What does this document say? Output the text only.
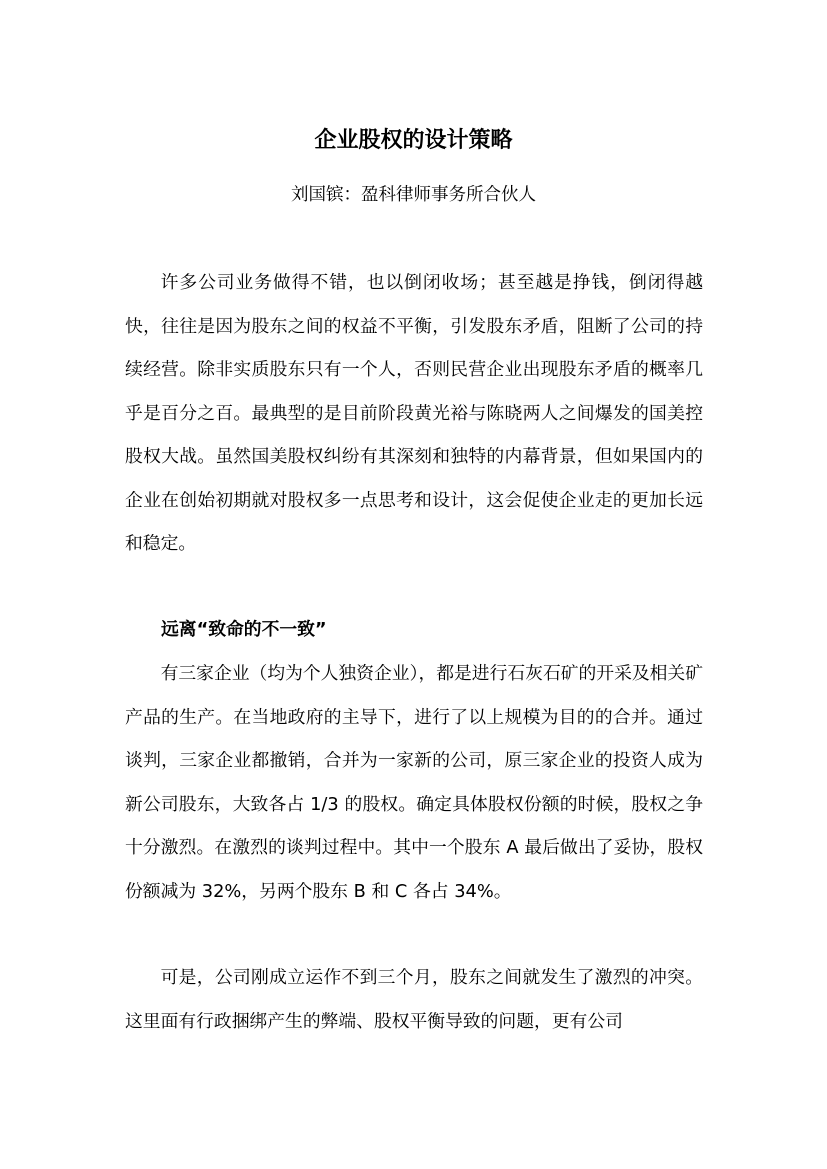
企业股权的设计策略
刘国镔：盈科律师事务所合伙人

许多公司业务做得不错，也以倒闭收场；甚至越是挣钱，倒闭得越快，往往是因为股东之间的权益不平衡，引发股东矛盾，阻断了公司的持续经营。除非实质股东只有一个人，否则民营企业出现股东矛盾的概率几乎是百分之百。最典型的是目前阶段黄光裕与陈晓两人之间爆发的国美控股权大战。虽然国美股权纠纷有其深刻和独特的内幕背景，但如果国内的企业在创始初期就对股权多一点思考和设计，这会促使企业走的更加长远和稳定。

远离“致命的不一致”

有三家企业（均为个人独资企业），都是进行石灰石矿的开采及相关矿产品的生产。在当地政府的主导下，进行了以上规模为目的的合并。通过谈判，三家企业都撤销，合并为一家新的公司，原三家企业的投资人成为新公司股东，大致各占 1/3 的股权。确定具体股权份额的时候，股权之争十分激烈。在激烈的谈判过程中。其中一个股东 A 最后做出了妥协，股权份额减为 32%，另两个股东 B 和 C 各占 34%。

可是，公司刚成立运作不到三个月，股东之间就发生了激烈的冲突。这里面有行政捆绑产生的弊端、股权平衡导致的问题，更有公司
